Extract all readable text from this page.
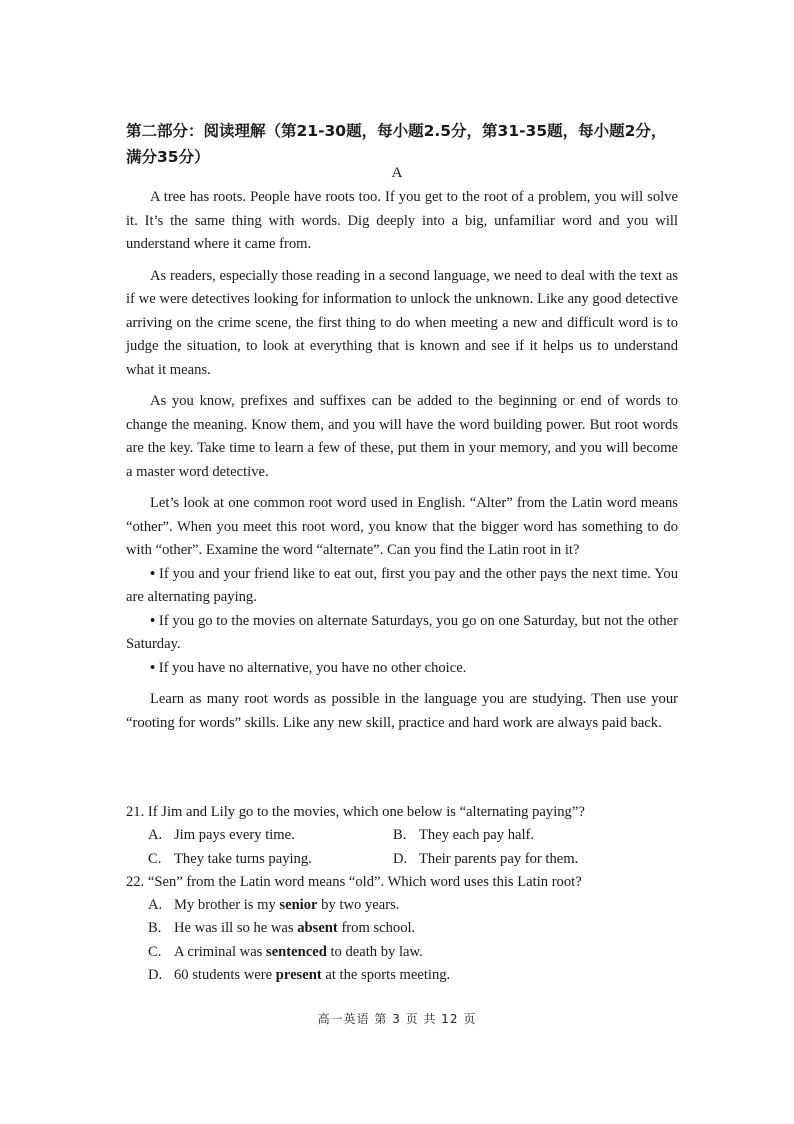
第二部分：阅读理解（第21-30题，每小题2.5分，第31-35题，每小题2分，满分35分）
A

A tree has roots. People have roots too. If you get to the root of a problem, you will solve it. It’s the same thing with words. Dig deeply into a big, unfamiliar word and you will understand where it came from.

As readers, especially those reading in a second language, we need to deal with the text as if we were detectives looking for information to unlock the unknown. Like any good detective arriving on the crime scene, the first thing to do when meeting a new and difficult word is to judge the situation, to look at everything that is known and see if it helps us to understand what it means.

As you know, prefixes and suffixes can be added to the beginning or end of words to change the meaning. Know them, and you will have the word building power. But root words are the key. Take time to learn a few of these, put them in your memory, and you will become a master word detective.

Let’s look at one common root word used in English. “Alter” from the Latin word means “other”. When you meet this root word, you know that the bigger word has something to do with “other”. Examine the word “alternate”. Can you find the Latin root in it?

• If you and your friend like to eat out, first you pay and the other pays the next time. You are alternating paying.
• If you go to the movies on alternate Saturdays, you go on one Saturday, but not the other Saturday.
• If you have no alternative, you have no other choice.

Learn as many root words as possible in the language you are studying. Then use your “rooting for words” skills. Like any new skill, practice and hard work are always paid back.

21. If Jim and Lily go to the movies, which one below is “alternating paying”?
A. Jim pays every time.	B. They each pay half.
C. They take turns paying.	D. Their parents pay for them.
22. “Sen” from the Latin word means “old”. Which word uses this Latin root?
A. My brother is my senior by two years.
B. He was ill so he was absent from school.
C. A criminal was sentenced to death by law.
D. 60 students were present at the sports meeting.
高一英语 第 3 页 共 12 页
